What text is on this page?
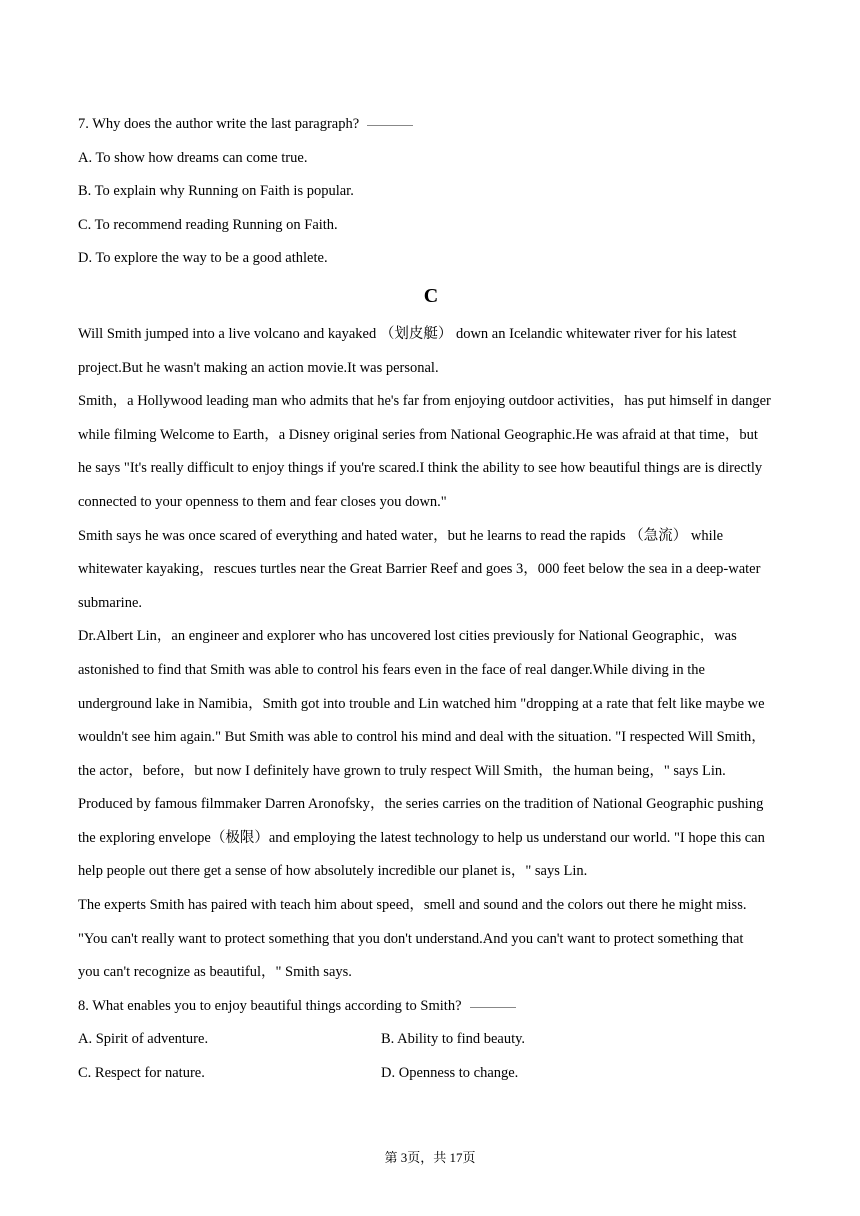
7. Why does the author write the last paragraph?
A. To show how dreams can come true.
B. To explain why Running on Faith is popular.
C. To recommend reading Running on Faith.
D. To explore the way to be a good athlete.
C
Will Smith jumped into a live volcano and kayaked （划皮艇） down an Icelandic whitewater river for his latest
project.But he wasn't making an action movie.It was personal.
Smith，a Hollywood leading man who admits that he's far from enjoying outdoor activities，has put himself in danger
while filming Welcome to Earth，a Disney original series from National Geographic.He was afraid at that time，but
he says "It's really difficult to enjoy things if you're scared.I think the ability to see how beautiful things are is directly
connected to your openness to them and fear closes you down."
Smith says he was once scared of everything and hated water，but he learns to read the rapids （急流） while
whitewater kayaking，rescues turtles near the Great Barrier Reef and goes 3，000 feet below the sea in a deep-water
submarine.
Dr.Albert Lin，an engineer and explorer who has uncovered lost cities previously for National Geographic，was
astonished to find that Smith was able to control his fears even in the face of real danger.While diving in the
underground lake in Namibia，Smith got into trouble and Lin watched him "dropping at a rate that felt like maybe we
wouldn't see him again." But Smith was able to control his mind and deal with the situation. "I respected Will Smith，
the actor，before，but now I definitely have grown to truly respect Will Smith，the human being，" says Lin.
Produced by famous filmmaker Darren Aronofsky，the series carries on the tradition of National Geographic pushing
the exploring envelope（极限）and employing the latest technology to help us understand our world. "I hope this can
help people out there get a sense of how absolutely incredible our planet is，" says Lin.
The experts Smith has paired with teach him about speed，smell and sound and the colors out there he might miss.
"You can't really want to protect something that you don't understand.And you can't want to protect something that
you can't recognize as beautiful，" Smith says.
8. What enables you to enjoy beautiful things according to Smith?
A. Spirit of adventure.	B. Ability to find beauty.
C. Respect for nature.	D. Openness to change.
第 3页，共 17页
